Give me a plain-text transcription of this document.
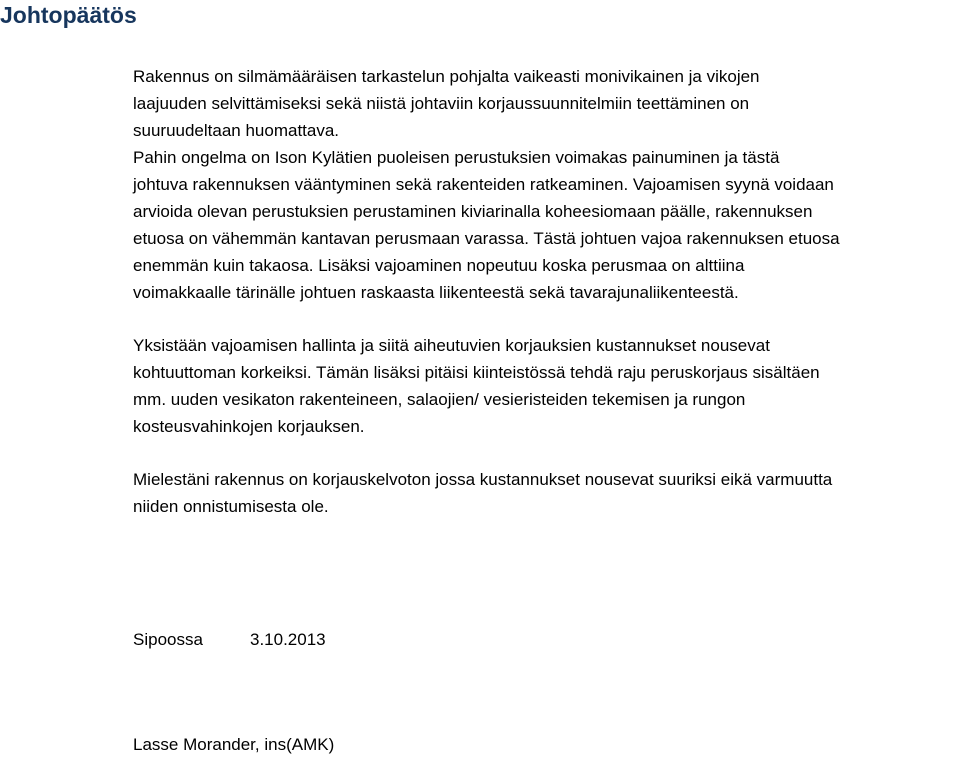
Johtopäätös

Rakennus on silmämääräisen tarkastelun pohjalta vaikeasti monivikainen ja vikojen
laajuuden selvittämiseksi sekä niistä johtaviin korjaussuunnitelmiin teettäminen on
suuruudeltaan huomattava.
Pahin ongelma on Ison Kylätien puoleisen perustuksien voimakas painuminen ja tästä
johtuva rakennuksen vääntyminen sekä rakenteiden ratkeaminen. Vajoamisen syynä voidaan
arvioida olevan perustuksien perustaminen kiviarinalla koheesiomaan päälle, rakennuksen
etuosa on vähemmän kantavan perusmaan varassa. Tästä johtuen vajoa rakennuksen etuosa
enemmän kuin takaosa. Lisäksi vajoaminen nopeutuu koska perusmaa on alttiina
voimakkaalle tärinälle johtuen raskaasta liikenteestä sekä tavarajunaliikenteestä.

Yksistään vajoamisen hallinta ja siitä aiheutuvien korjauksien kustannukset nousevat
kohtuuttoman korkeiksi. Tämän lisäksi pitäisi kiinteistössä tehdä raju peruskorjaus sisältäen
mm. uuden vesikaton rakenteineen, salaojien/ vesieristeiden tekemisen ja rungon
kosteusvahinkojen korjauksen.

Mielestäni rakennus on korjauskelvoton jossa kustannukset nousevat suuriksi eikä varmuutta
niiden onnistumisesta ole.

Sipoossa	3.10.2013
Lasse Morander, ins(AMK)
